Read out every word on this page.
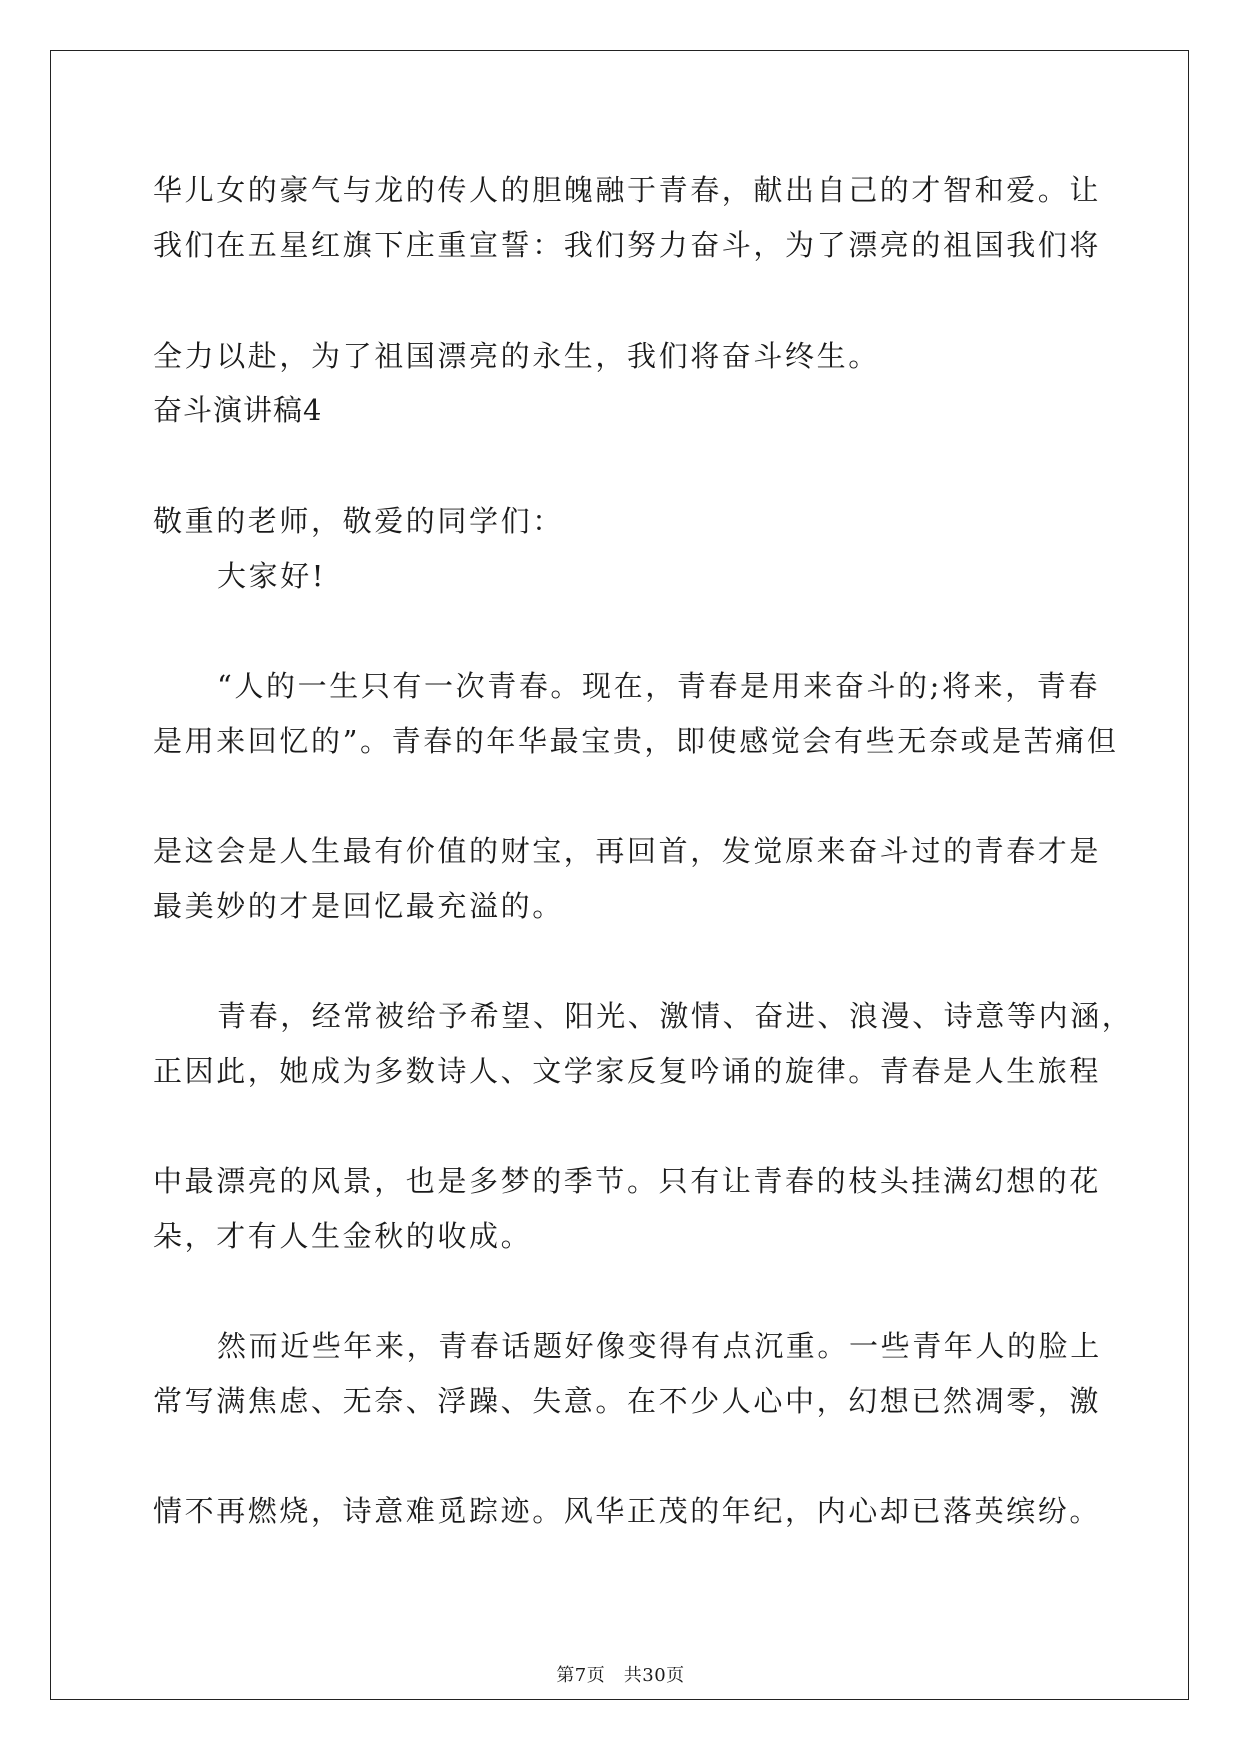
华儿女的豪气与龙的传人的胆魄融于青春，献出自己的才智和爱。让
我们在五星红旗下庄重宣誓：我们努力奋斗，为了漂亮的祖国我们将
全力以赴，为了祖国漂亮的永生，我们将奋斗终生。
奋斗演讲稿4
敬重的老师，敬爱的同学们：
大家好!
“人的一生只有一次青春。现在，青春是用来奋斗的;将来，青春
是用来回忆的”。青春的年华最宝贵，即使感觉会有些无奈或是苦痛但
是这会是人生最有价值的财宝，再回首，发觉原来奋斗过的青春才是
最美妙的才是回忆最充溢的。
青春，经常被给予希望、阳光、激情、奋进、浪漫、诗意等内涵，
正因此，她成为多数诗人、文学家反复吟诵的旋律。青春是人生旅程
中最漂亮的风景，也是多梦的季节。只有让青春的枝头挂满幻想的花
朵，才有人生金秋的收成。
然而近些年来，青春话题好像变得有点沉重。一些青年人的脸上
常写满焦虑、无奈、浮躁、失意。在不少人心中，幻想已然凋零，激
情不再燃烧，诗意难觅踪迹。风华正茂的年纪，内心却已落英缤纷。
第7页　共30页
